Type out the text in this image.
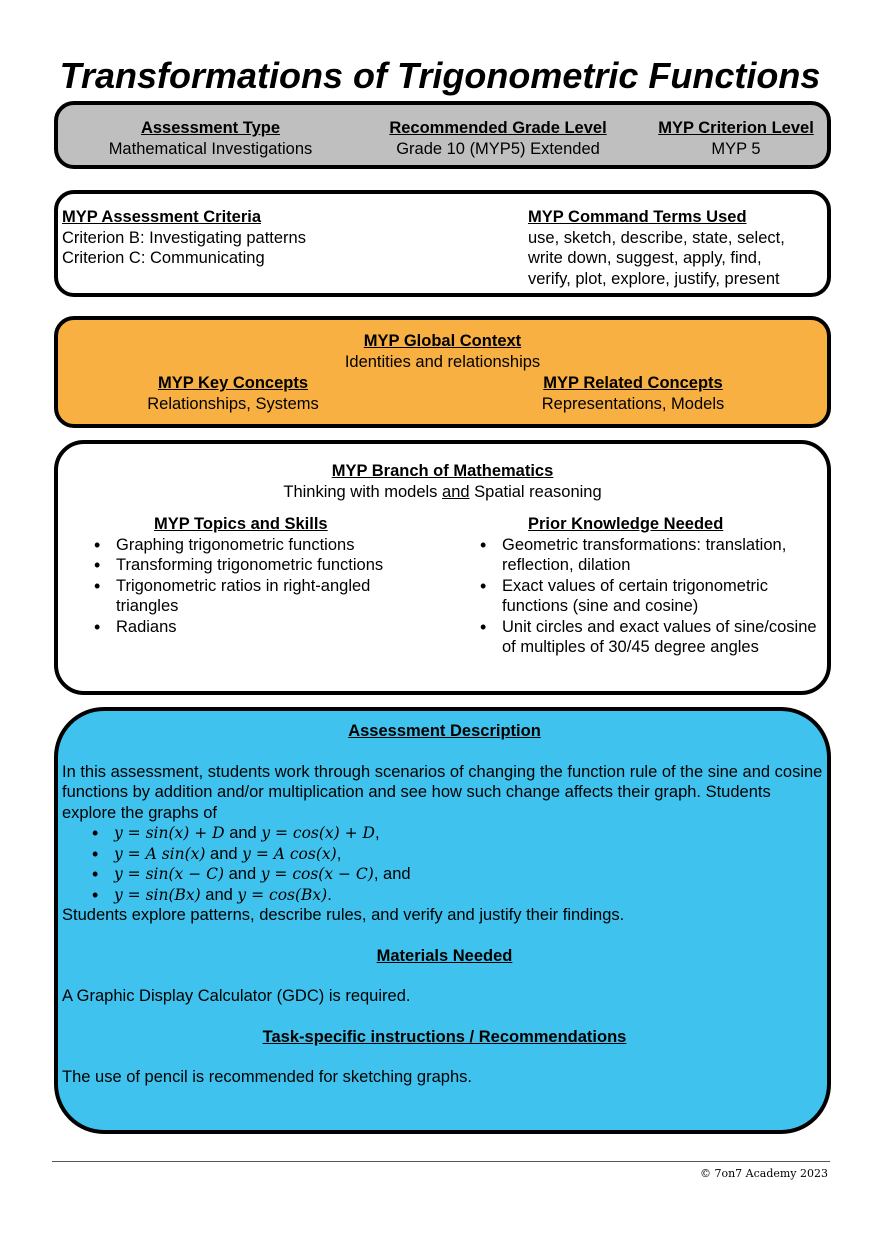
Transformations of Trigonometric Functions
Assessment Type
Mathematical Investigations
Recommended Grade Level
Grade 10 (MYP5) Extended
MYP Criterion Level
MYP 5
MYP Assessment Criteria
Criterion B: Investigating patterns
Criterion C: Communicating
MYP Command Terms Used
use, sketch, describe, state, select,
write down, suggest, apply, find,
verify, plot, explore, justify, present
MYP Global Context
Identities and relationships
MYP Key Concepts
Relationships, Systems
MYP Related Concepts
Representations, Models
MYP Branch of Mathematics
Thinking with models and Spatial reasoning
MYP Topics and Skills
• Graphing trigonometric functions
• Transforming trigonometric functions
• Trigonometric ratios in right-angled triangles
• Radians
Prior Knowledge Needed
• Geometric transformations: translation, reflection, dilation
• Exact values of certain trigonometric functions (sine and cosine)
• Unit circles and exact values of sine/cosine of multiples of 30/45 degree angles
Assessment Description
In this assessment, students work through scenarios of changing the function rule of the sine and cosine functions by addition and/or multiplication and see how such change affects their graph. Students explore the graphs of
• y = sin(x) + D and y = cos(x) + D,
• y = A sin(x) and y = A cos(x),
• y = sin(x − C) and y = cos(x − C), and
• y = sin(Bx) and y = cos(Bx).
Students explore patterns, describe rules, and verify and justify their findings.
Materials Needed
A Graphic Display Calculator (GDC) is required.
Task-specific instructions / Recommendations
The use of pencil is recommended for sketching graphs.
© 7on7 Academy 2023
